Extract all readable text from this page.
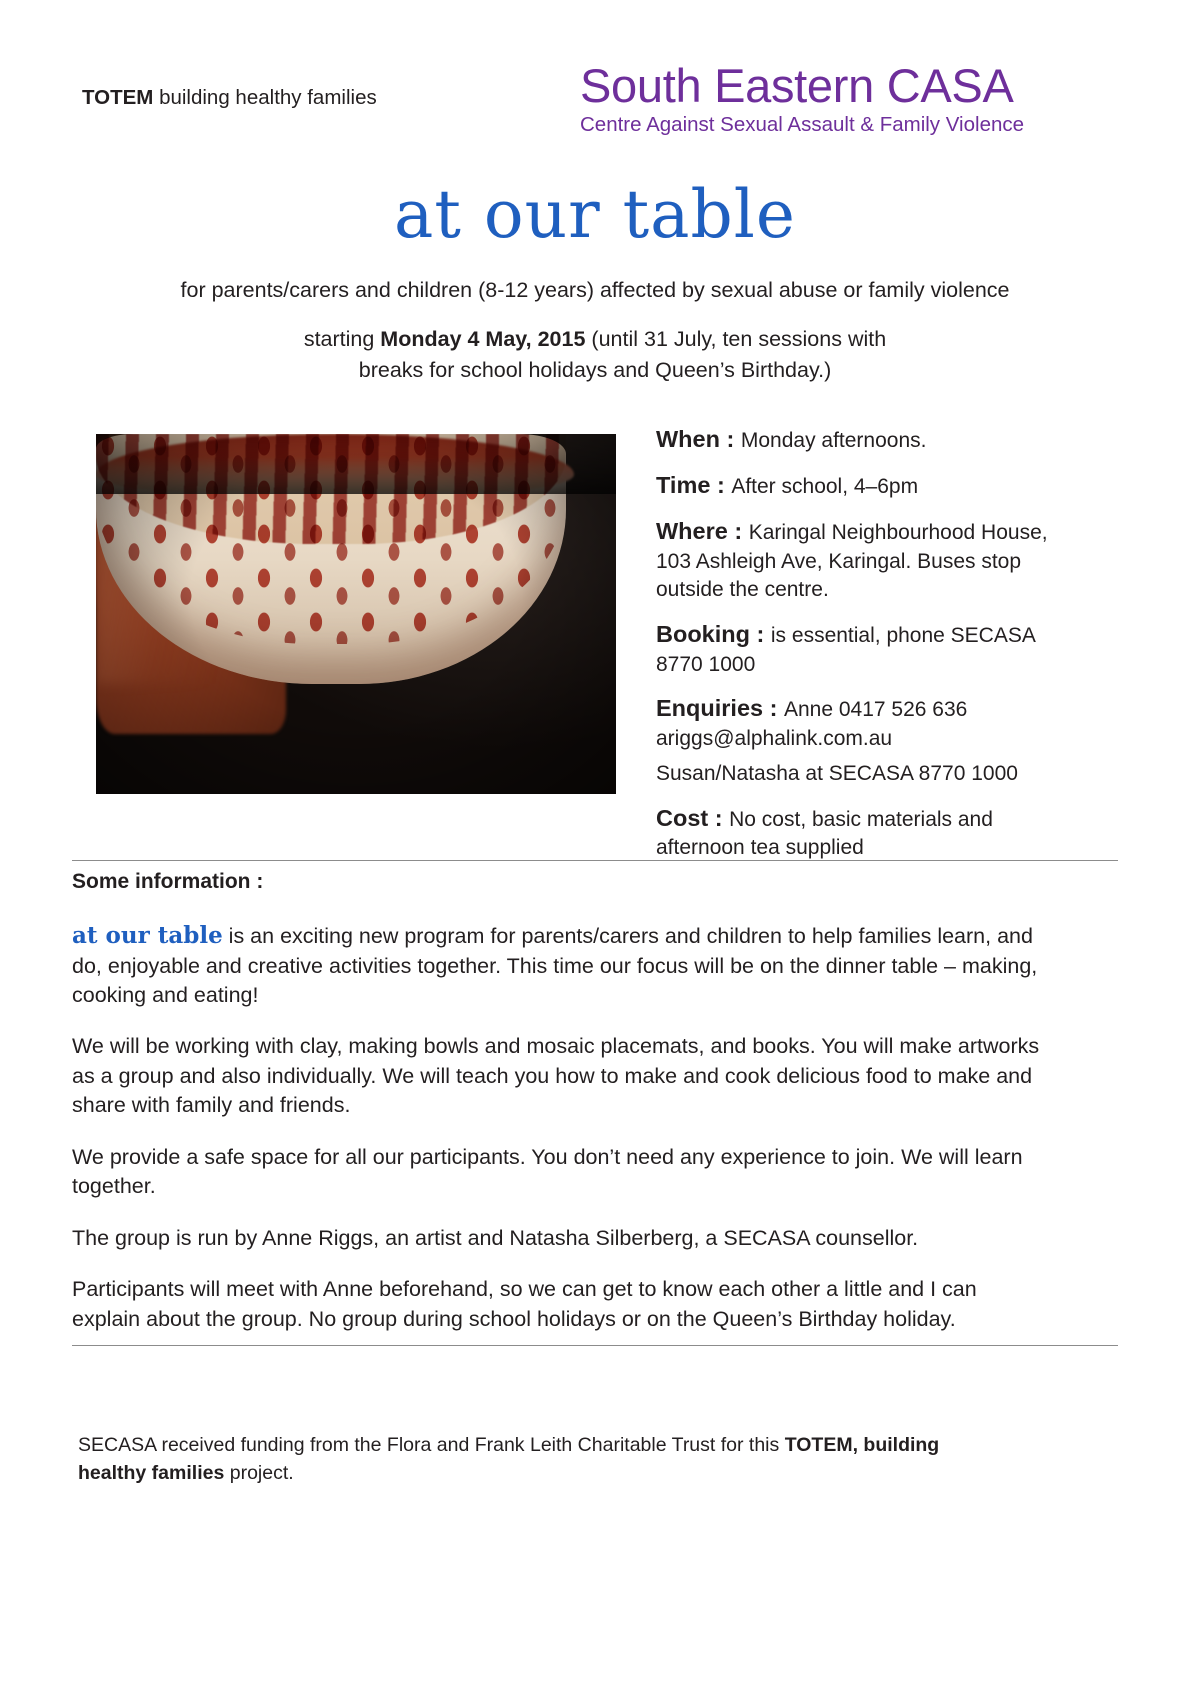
TOTEM building healthy families	South Eastern CASA
Centre Against Sexual Assault & Family Violence
at our table
for parents/carers and children (8-12 years) affected by sexual abuse or family violence
starting Monday 4 May, 2015 (until 31 July, ten sessions with
breaks for school holidays and Queen’s Birthday.)
When : Monday afternoons.
Time : After school, 4–6pm
Where : Karingal Neighbourhood House, 103 Ashleigh Ave, Karingal. Buses stop outside the centre.
Booking : is essential, phone SECASA 8770 1000
Enquiries : Anne 0417 526 636 ariggs@alphalink.com.au
Susan/Natasha at SECASA 8770 1000
Cost : No cost, basic materials and afternoon tea supplied
Some information :

at our table is an exciting new program for parents/carers and children to help families learn, and do, enjoyable and creative activities together. This time our focus will be on the dinner table – making, cooking and eating!

We will be working with clay, making bowls and mosaic placemats, and books. You will make artworks as a group and also individually. We will teach you how to make and cook delicious food to make and share with family and friends.

We provide a safe space for all our participants. You don’t need any experience to join. We will learn together.

The group is run by Anne Riggs, an artist and Natasha Silberberg, a SECASA counsellor.

Participants will meet with Anne beforehand, so we can get to know each other a little and I can explain about the group. No group during school holidays or on the Queen’s Birthday holiday.

SECASA received funding from the Flora and Frank Leith Charitable Trust for this TOTEM, building healthy families project.
